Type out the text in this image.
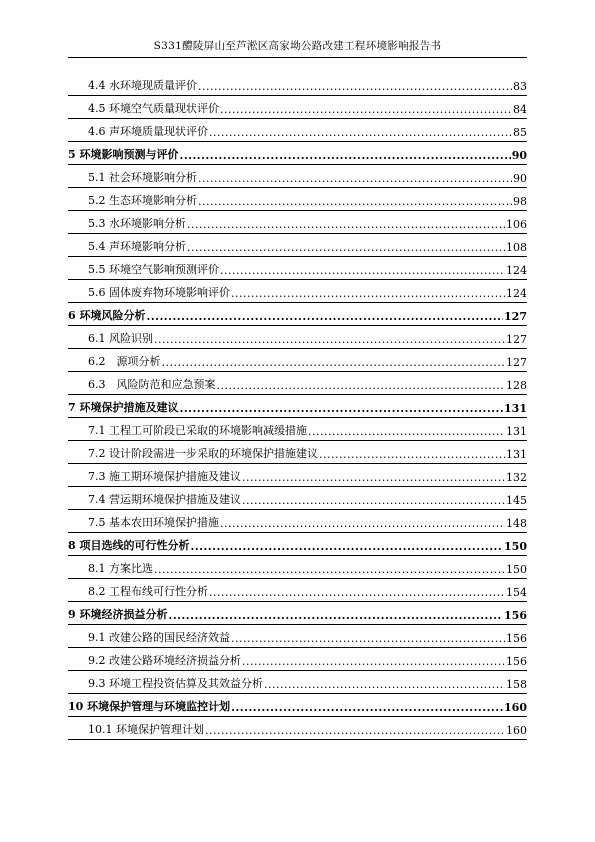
S331醴陵屏山至芦淞区高家坳公路改建工程环境影响报告书
4.4 水环境现质量评价 .....	83
4.5 环境空气质量现状评价 .....	84
4.6 声环境质量现状评价 .....	85
5 环境影响预测与评价 .....	90
5.1 社会环境影响分析 .....	90
5.2 生态环境影响分析 .....	98
5.3 水环境影响分析 .....	106
5.4 声环境影响分析 .....	108
5.5 环境空气影响预测评价 .....	124
5.6 固体废弃物环境影响评价 .....	124
6 环境风险分析 .....	127
6.1 风险识别 .....	127
6.2　源项分析 .....	127
6.3　风险防范和应急预案 .....	128
7 环境保护措施及建议 .....	131
7.1 工程工可阶段已采取的环境影响减缓措施 .....	131
7.2 设计阶段需进一步采取的环境保护措施建议 .....	131
7.3 施工期环境保护措施及建议 .....	132
7.4 营运期环境保护措施及建议 .....	145
7.5 基本农田环境保护措施 .....	148
8 项目选线的可行性分析 .....	150
8.1 方案比选 .....	150
8.2 工程布线可行性分析 .....	154
9 环境经济损益分析 .....	156
9.1 改建公路的国民经济效益 .....	156
9.2 改建公路环境经济损益分析 .....	156
9.3 环境工程投资估算及其效益分析 .....	158
10 环境保护管理与环境监控计划 .....	160
10.1 环境保护管理计划 .....	160
